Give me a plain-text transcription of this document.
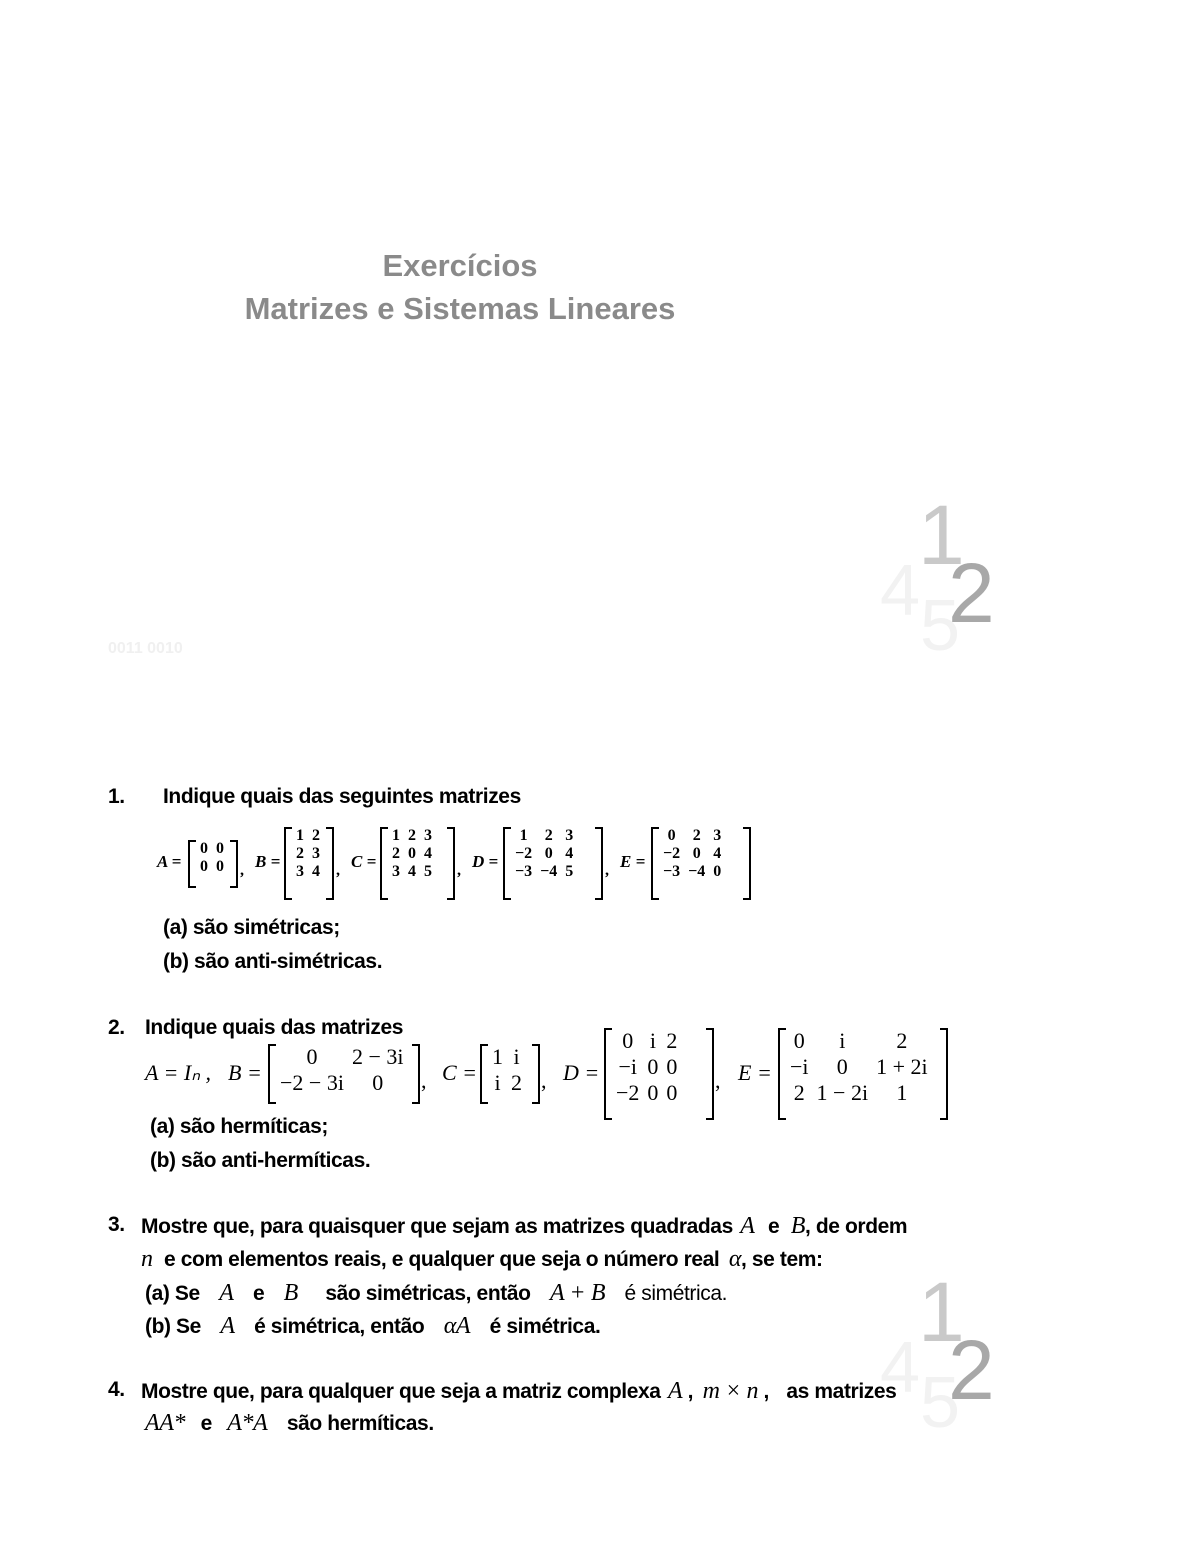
Exercícios
Matrizes e Sistemas Lineares
0011 0010
4 5
1
2
4 5
1
2
1. Indique quais das seguintes matrizes
A =
0	0
0	0 , B =
1	2
2	3
3	4 , C =
1	2	3
2	0	4
3	4	5 , D =
1	2	3
−2	0	4
−3	−4	5 , E =
0	2	3
−2	0	4
−3	−4	0
(a) são simétricas;
(b) são anti-simétricas.
2. Indique quais das matrizes
A = Iₙ , B =
0	2 − 3i
−2 − 3i	0 , C =
1	i
i	2 , D =
0	i	2
−i	0	0
−2	0	0 , E =
0	i	2
−i	0	1 + 2i
2	1 − 2i	1
(a) são hermíticas;
(b) são anti-hermíticas.
3. Mostre que, para quaisquer que sejam as matrizes quadradas A e B, de ordem
n e com elementos reais, e qualquer que seja o número real α, se tem:
(a) Se A e B são simétricas, então A + B é simétrica.
(b) Se A é simétrica, então αA é simétrica.
4. Mostre que, para qualquer que seja a matriz complexa A , m × n , as matrizes
AA* e A*A são hermíticas.
